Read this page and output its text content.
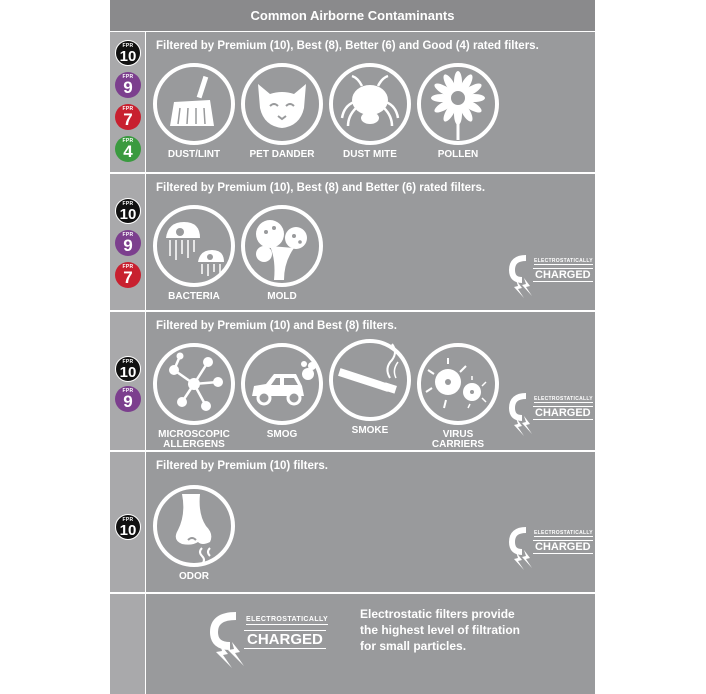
Common Airborne Contaminants
FPR
10
FPR
9
FPR
7
FPR
4
Filtered by Premium (10), Best (8), Better (6) and Good (4) rated filters.
DUST/LINT	PET DANDER	DUST MITE	POLLEN
FPR
10
FPR
9
FPR
7
Filtered by Premium (10), Best (8) and Better (6) rated filters.
BACTERIA	MOLD
ELECTROSTATICALLY
CHARGED
FPR
10
FPR
9
Filtered by Premium (10) and Best (8) filters.
MICROSCOPIC
ALLERGENS
SMOG	SMOKE	VIRUS
CARRIERS
ELECTROSTATICALLY
CHARGED
FPR
10
Filtered by Premium (10) filters.
ODOR
ELECTROSTATICALLY
CHARGED
ELECTROSTATICALLY
CHARGED
Electrostatic filters provide
the highest level of filtration
for small particles.
